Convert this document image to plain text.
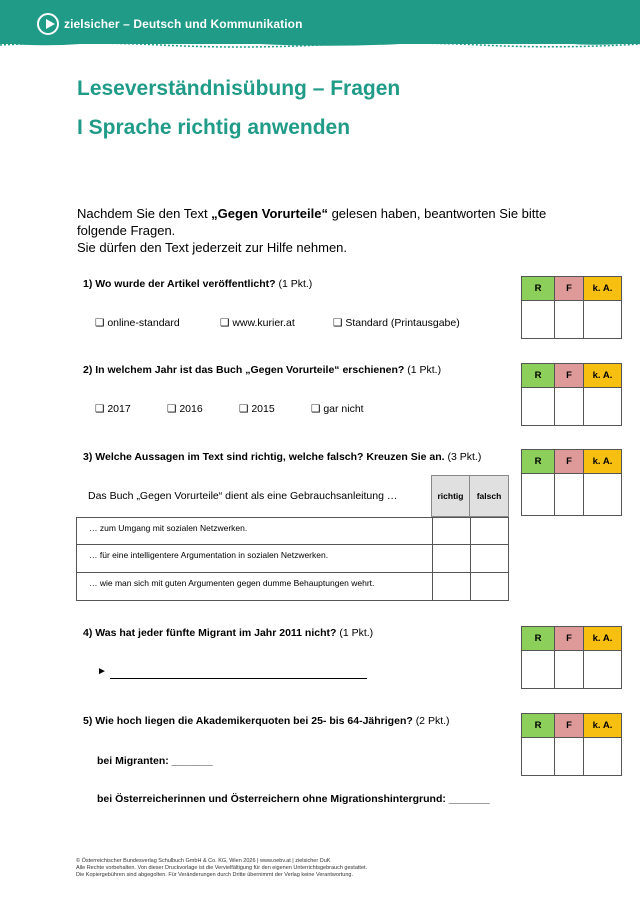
zielsicher – Deutsch und Kommunikation
Leseverständnisübung – Fragen
I Sprache richtig anwenden
Nachdem Sie den Text „Gegen Vorurteile“ gelesen haben, beantworten Sie bitte folgende Fragen.
Sie dürfen den Text jederzeit zur Hilfe nehmen.
1) Wo wurde der Artikel veröffentlicht? (1 Pkt.)
❑ online-standard	❑ www.kurier.at	❑ Standard (Printausgabe)
R	F	k. A.
2) In welchem Jahr ist das Buch „Gegen Vorurteile“ erschienen? (1 Pkt.)
❑ 2017	❑ 2016	❑ 2015	❑ gar nicht
R	F	k. A.
3) Welche Aussagen im Text sind richtig, welche falsch? Kreuzen Sie an. (3 Pkt.)	R	F	k. A.
Das Buch „Gegen Vorurteile“ dient als eine Gebrauchsanleitung …	richtig	falsch
… zum Umgang mit sozialen Netzwerken.
… für eine intelligentere Argumentation in sozialen Netzwerken.
… wie man sich mit guten Argumenten gegen dumme Behauptungen wehrt.
4) Was hat jeder fünfte Migrant im Jahr 2011 nicht? (1 Pkt.)
►
R	F	k. A.
5) Wie hoch liegen die Akademikerquoten bei 25- bis 64-Jährigen? (2 Pkt.)
bei Migranten: _______
bei Österreicherinnen und Österreichern ohne Migrationshintergrund: _______
R	F	k. A.
© Österreichischer Bundesverlag Schulbuch GmbH & Co. KG, Wien 2026 | www.oebv.at | zielsicher DuK
Alle Rechte vorbehalten. Von dieser Druckvorlage ist die Vervielfältigung für den eigenen Unterrichtsgebrauch gestattet.
Die Kopiergebühren sind abgegolten. Für Veränderungen durch Dritte übernimmt der Verlag keine Verantwortung.
